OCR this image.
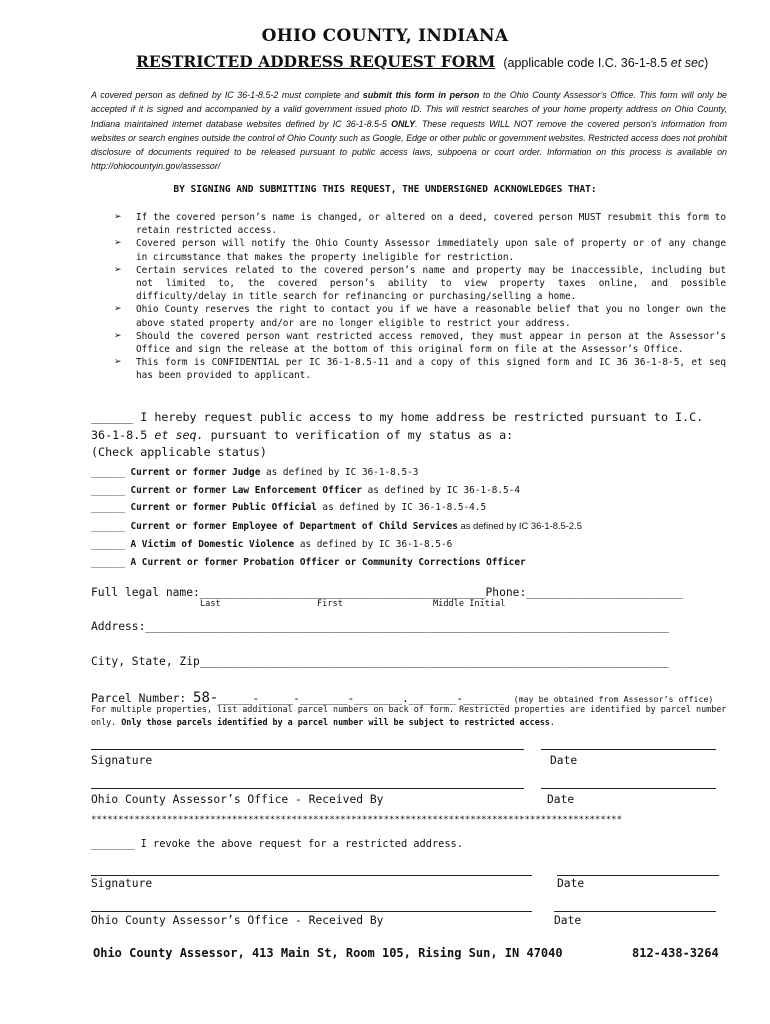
OHIO COUNTY, INDIANA
RESTRICTED ADDRESS REQUEST FORM (applicable code I.C. 36-1-8.5 et sec)
A covered person as defined by IC 36-1-8.5-2 must complete and submit this form in person to the Ohio County Assessor’s Office. This form will only be accepted if it is signed and accompanied by a valid government issued photo ID. This will restrict searches of your home property address on Ohio County, Indiana maintained internet database websites defined by IC 36-1-8.5-5 ONLY. These requests WILL NOT remove the covered person’s information from websites or search engines outside the control of Ohio County such as Google, Edge or other public or government websites. Restricted access does not prohibit disclosure of documents required to be released pursuant to public access laws, subpoena or court order. Information on this process is available on http://ohiocountyin.gov/assessor/
BY SIGNING AND SUBMITTING THIS REQUEST, THE UNDERSIGNED ACKNOWLEDGES THAT:
➢ If the covered person’s name is changed, or altered on a deed, covered person MUST resubmit this form to retain restricted access.
➢ Covered person will notify the Ohio County Assessor immediately upon sale of property or of any change in circumstance that makes the property ineligible for restriction.
➢ Certain services related to the covered person’s name and property may be inaccessible, including but not limited to, the covered person’s ability to view property taxes online, and possible difficulty/delay in title search for refinancing or purchasing/selling a home.
➢ Ohio County reserves the right to contact you if we have a reasonable belief that you no longer own the above stated property and/or are no longer eligible to restrict your address.
➢ Should the covered person want restricted access removed, they must appear in person at the Assessor’s Office and sign the release at the bottom of this original form on file at the Assessor’s Office.
➢ This form is CONFIDENTIAL per IC 36-1-8.5-11 and a copy of this signed form and IC 36 36-1-8-5, et seq has been provided to applicant.
______ I hereby request public access to my home address be restricted pursuant to I.C. 36-1-8.5 et seq. pursuant to verification of my status as a:
(Check applicable status)
______ Current or former Judge as defined by IC 36-1-8.5-3
______ Current or former Law Enforcement Officer as defined by IC 36-1-8.5-4
______ Current or former Public Official as defined by IC 36-1-8.5-4.5
______ Current or former Employee of Department of Child Services as defined by IC 36-1-8.5-2.5
______ A Victim of Domestic Violence as defined by IC 36-1-8.5-6
______ A Current or former Probation Officer or Community Corrections Officer
Full legal name:__________________________________________Phone:_______________________
Last	First	Middle Initial
Address:_____________________________________________________________________________
City, State, Zip_____________________________________________________________________
Parcel Number: 58-_____-_____-_______-_______._______-______ (may be obtained from Assessor’s office)
For multiple properties, list additional parcel numbers on back of form. Restricted properties are identified by parcel number only. Only those parcels identified by a parcel number will be subject to restricted access.
Signature	Date
Ohio County Assessor’s Office - Received By	Date
**************************************************************************************************
_______ I revoke the above request for a restricted address.
Signature	Date
Ohio County Assessor’s Office - Received By	Date
Ohio County Assessor, 413 Main St, Room 105, Rising Sun, IN 47040	812-438-3264
